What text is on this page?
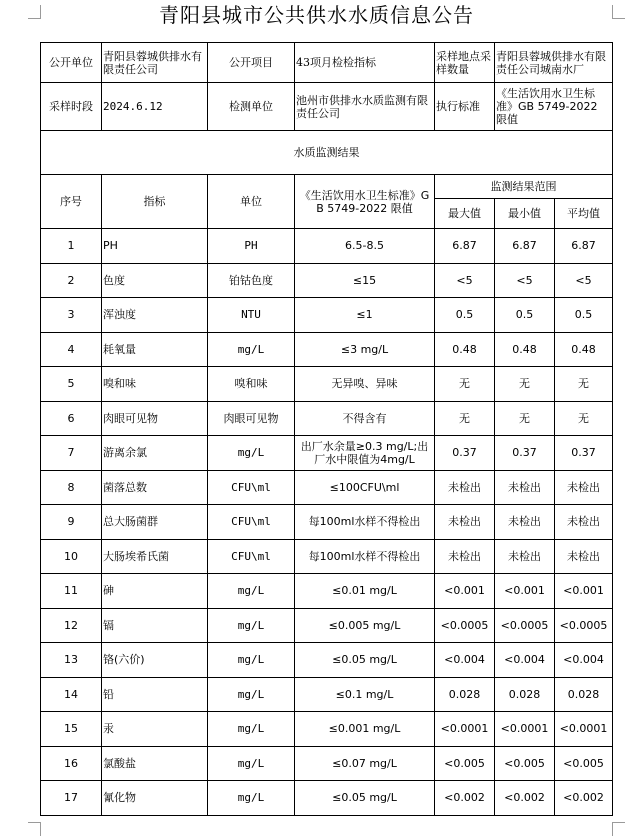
青阳县城市公共供水水质信息公告
公开单位	青阳县蓉城供排水有限责任公司	公开项目	43项月检检指标	采样地点采样数量	青阳县蓉城供排水有限责任公司城南水厂	
采样时段	2024.6.12	检测单位	池州市供排水水质监测有限责任公司	执行标准	《生活饮用水卫生标准》GB 5749-2022 限值	
水质监测结果						
序号	指标	单位	《生活饮用水卫生标准》GB 5749-2022 限值	监测结果范围		
				最大值	最小值	平均值
1	PH	PH	6.5-8.5	6.87	6.87	6.87
2	色度	铂钴色度	≤15	<5	<5	<5
3	浑浊度	NTU	≤1	0.5	0.5	0.5
4	耗氧量	mg/L	≤3 mg/L	0.48	0.48	0.48
5	嗅和味	嗅和味	无异嗅、异味	无	无	无
6	肉眼可见物	肉眼可见物	不得含有	无	无	无
7	游离余氯	mg/L	出厂水余量≥0.3 mg/L;出厂水中限值为4mg/L	0.37	0.37	0.37
8	菌落总数	CFU\ml	≤100CFU\ml	未检出	未检出	未检出
9	总大肠菌群	CFU\ml	每100ml水样不得检出	未检出	未检出	未检出
10	大肠埃希氏菌	CFU\ml	每100ml水样不得检出	未检出	未检出	未检出
11	砷	mg/L	≤0.01 mg/L	<0.001	<0.001	<0.001
12	镉	mg/L	≤0.005 mg/L	<0.0005	<0.0005	<0.0005
13	铬(六价)	mg/L	≤0.05 mg/L	<0.004	<0.004	<0.004
14	铅	mg/L	≤0.1 mg/L	0.028	0.028	0.028
15	汞	mg/L	≤0.001 mg/L	<0.0001	<0.0001	<0.0001
16	氯酸盐	mg/L	≤0.07 mg/L	<0.005	<0.005	<0.005
17	氰化物	mg/L	≤0.05 mg/L	<0.002	<0.002	<0.002
